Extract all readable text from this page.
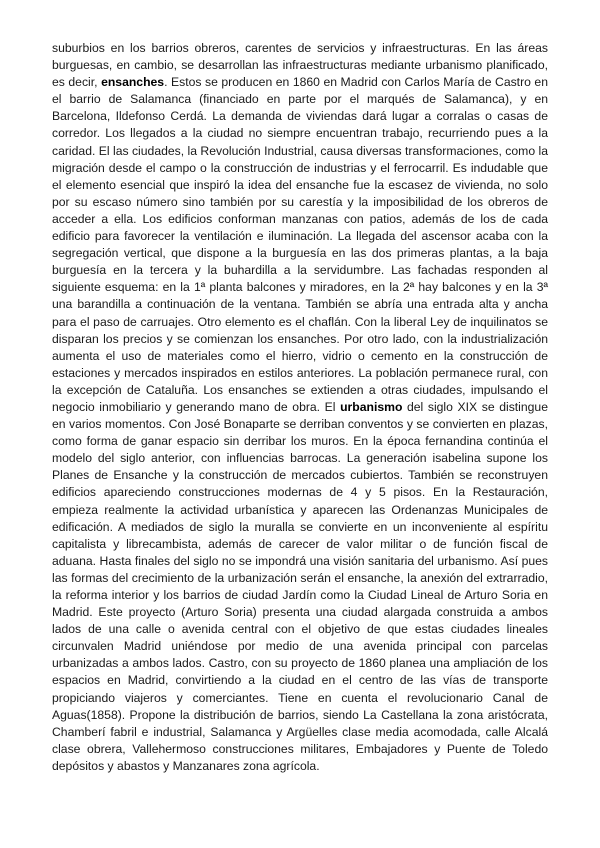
suburbios en los barrios obreros, carentes de servicios y infraestructuras. En las áreas burguesas, en cambio, se desarrollan las infraestructuras mediante urbanismo planificado, es decir, ensanches. Estos se producen en 1860 en Madrid con Carlos María de Castro en el barrio de Salamanca (financiado en parte por el marqués de Salamanca), y en Barcelona, Ildefonso Cerdá. La demanda de viviendas dará lugar a corralas o casas de corredor. Los llegados a la ciudad no siempre encuentran trabajo, recurriendo pues a la caridad. El las ciudades, la Revolución Industrial, causa diversas transformaciones, como la migración desde el campo o la construcción de industrias y el ferrocarril. Es indudable que el elemento esencial que inspiró la idea del ensanche fue la escasez de vivienda, no solo por su escaso número sino también por su carestía y la imposibilidad de los obreros de acceder a ella. Los edificios conforman manzanas con patios, además de los de cada edificio para favorecer la ventilación e iluminación. La llegada del ascensor acaba con la segregación vertical, que dispone a la burguesía en las dos primeras plantas, a la baja burguesía en la tercera y la buhardilla a la servidumbre. Las fachadas responden al siguiente esquema: en la 1ª planta balcones y miradores, en la 2ª hay balcones y en la 3ª una barandilla a continuación de la ventana. También se abría una entrada alta y ancha para el paso de carruajes. Otro elemento es el chaflán. Con la liberal Ley de inquilinatos se disparan los precios y se comienzan los ensanches. Por otro lado, con la industrialización aumenta el uso de materiales como el hierro, vidrio o cemento en la construcción de estaciones y mercados inspirados en estilos anteriores. La población permanece rural, con la excepción de Cataluña. Los ensanches se extienden a otras ciudades, impulsando el negocio inmobiliario y generando mano de obra. El urbanismo del siglo XIX se distingue en varios momentos. Con José Bonaparte se derriban conventos y se convierten en plazas, como forma de ganar espacio sin derribar los muros. En la época fernandina continúa el modelo del siglo anterior, con influencias barrocas. La generación isabelina supone los Planes de Ensanche y la construcción de mercados cubiertos. También se reconstruyen edificios apareciendo construcciones modernas de 4 y 5 pisos. En la Restauración, empieza realmente la actividad urbanística y aparecen las Ordenanzas Municipales de edificación. A mediados de siglo la muralla se convierte en un inconveniente al espíritu capitalista y librecambista, además de carecer de valor militar o de función fiscal de aduana. Hasta finales del siglo no se impondrá una visión sanitaria del urbanismo. Así pues las formas del crecimiento de la urbanización serán el ensanche, la anexión del extrarradio, la reforma interior y los barrios de ciudad Jardín como la Ciudad Lineal de Arturo Soria en Madrid. Este proyecto (Arturo Soria) presenta una ciudad alargada construida a ambos lados de una calle o avenida central con el objetivo de que estas ciudades lineales circunvalen Madrid uniéndose por medio de una avenida principal con parcelas urbanizadas a ambos lados. Castro, con su proyecto de 1860 planea una ampliación de los espacios en Madrid, convirtiendo a la ciudad en el centro de las vías de transporte propiciando viajeros y comerciantes. Tiene en cuenta el revolucionario Canal de Aguas(1858). Propone la distribución de barrios, siendo La Castellana la zona aristócrata, Chamberí fabril e industrial, Salamanca y Argüelles clase media acomodada, calle Alcalá clase obrera, Vallehermoso construcciones militares, Embajadores y Puente de Toledo depósitos y abastos y Manzanares zona agrícola.
